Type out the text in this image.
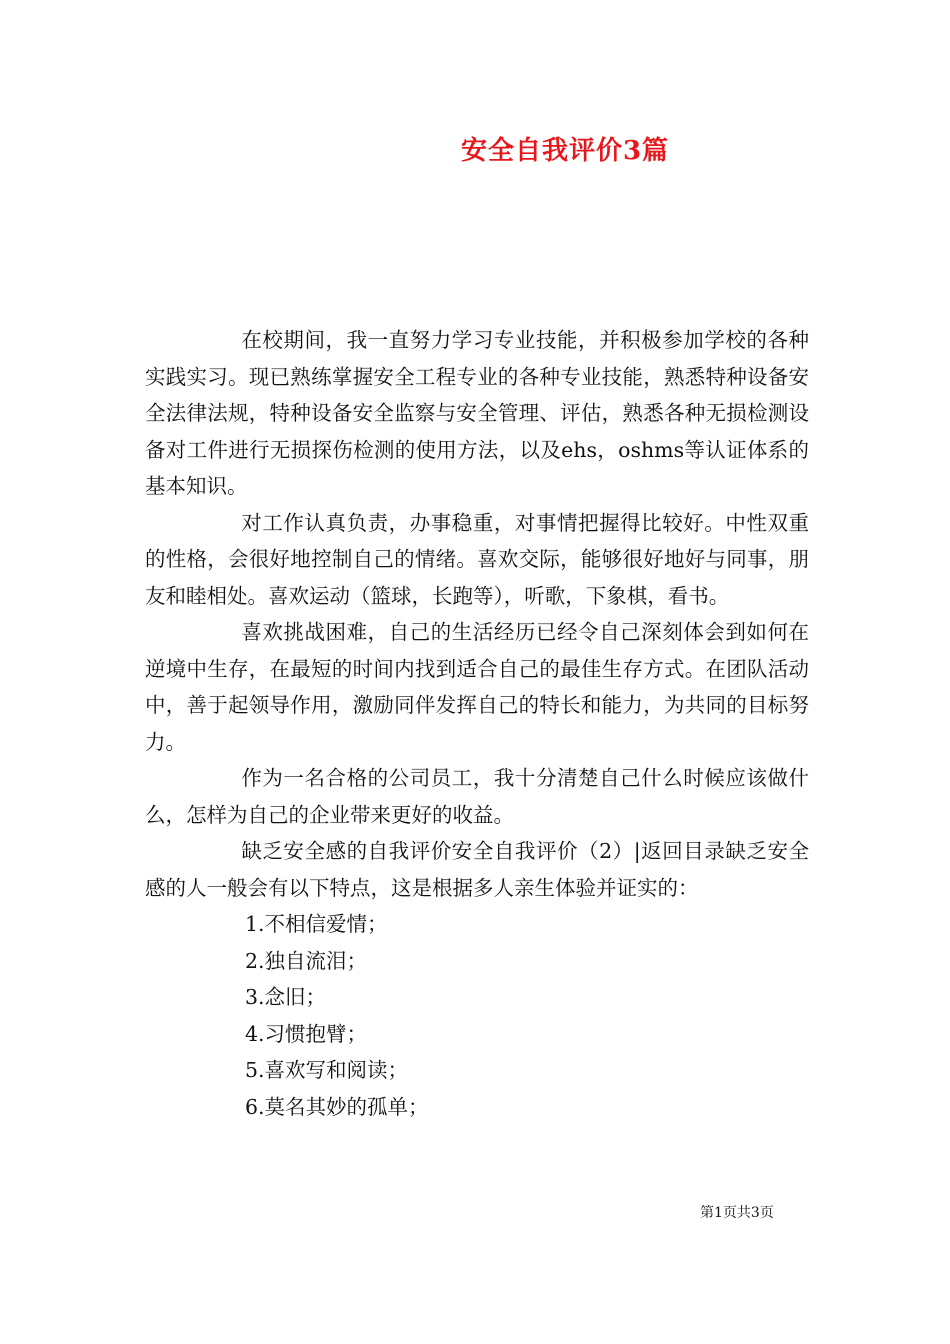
安全自我评价3篇

在校期间，我一直努力学习专业技能，并积极参加学校的各种实践实习。现已熟练掌握安全工程专业的各种专业技能，熟悉特种设备安全法律法规，特种设备安全监察与安全管理、评估，熟悉各种无损检测设备对工件进行无损探伤检测的使用方法，以及ehs，oshms等认证体系的基本知识。

对工作认真负责，办事稳重，对事情把握得比较好。中性双重的性格，会很好地控制自己的情绪。喜欢交际，能够很好地好与同事，朋友和睦相处。喜欢运动（篮球，长跑等），听歌，下象棋，看书。

喜欢挑战困难，自己的生活经历已经令自己深刻体会到如何在逆境中生存，在最短的时间内找到适合自己的最佳生存方式。在团队活动中，善于起领导作用，激励同伴发挥自己的特长和能力，为共同的目标努力。

作为一名合格的公司员工，我十分清楚自己什么时候应该做什么，怎样为自己的企业带来更好的收益。

缺乏安全感的自我评价安全自我评价（2）|返回目录缺乏安全感的人一般会有以下特点，这是根据多人亲生体验并证实的：

1.不相信爱情；
2.独自流泪；
3.念旧；
4.习惯抱臂；
5.喜欢写和阅读；
6.莫名其妙的孤单；
第1页共3页
